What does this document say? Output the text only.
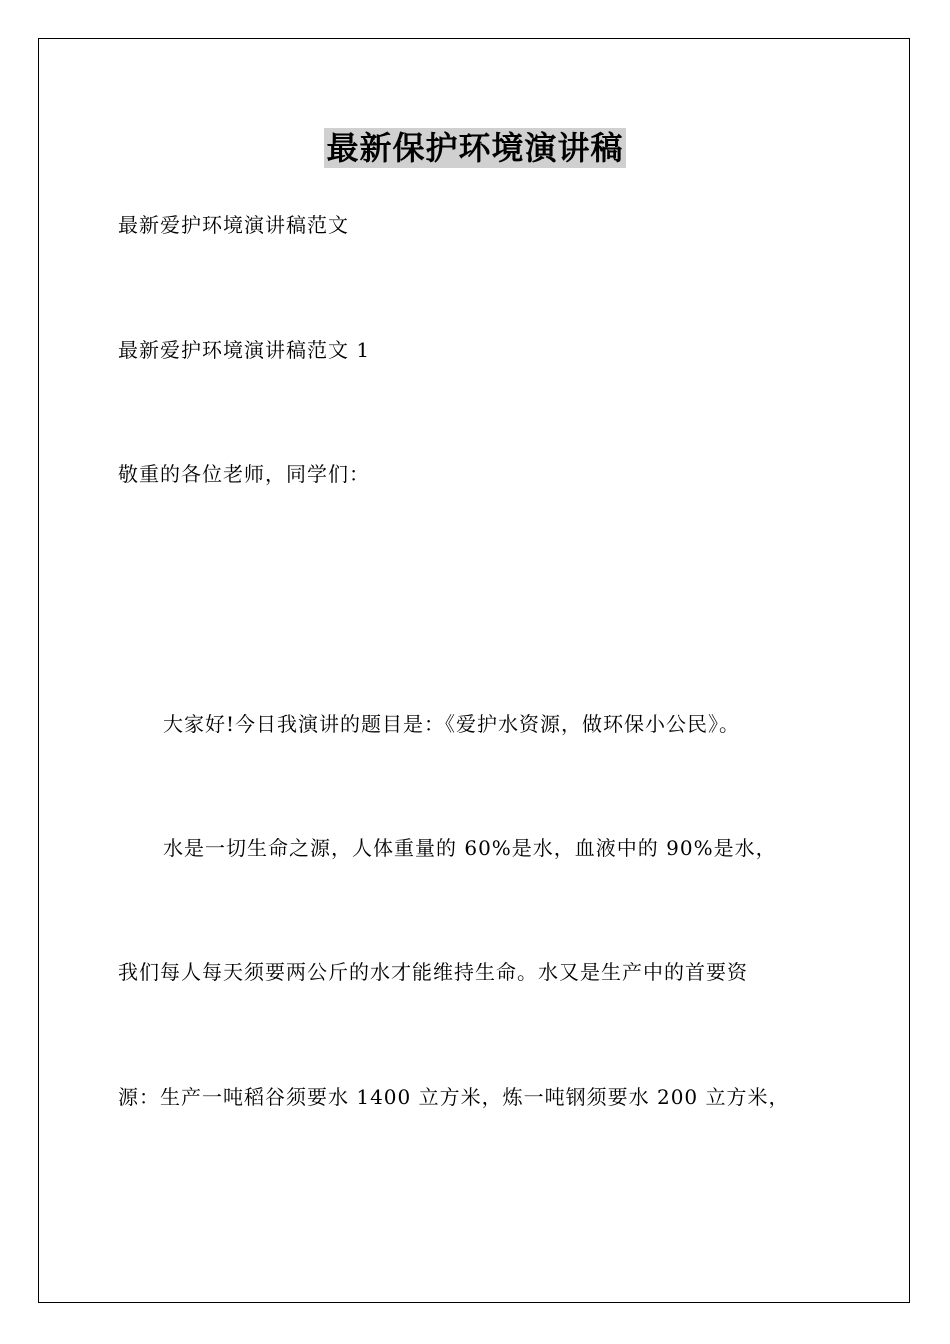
最新保护环境演讲稿
最新爱护环境演讲稿范文
最新爱护环境演讲稿范文 1
敬重的各位老师，同学们：
大家好!今日我演讲的题目是：《爱护水资源，做环保小公民》。
水是一切生命之源，人体重量的 60%是水，血液中的 90%是水，
我们每人每天须要两公斤的水才能维持生命。水又是生产中的首要资
源：生产一吨稻谷须要水 1400 立方米，炼一吨钢须要水 200 立方米，
